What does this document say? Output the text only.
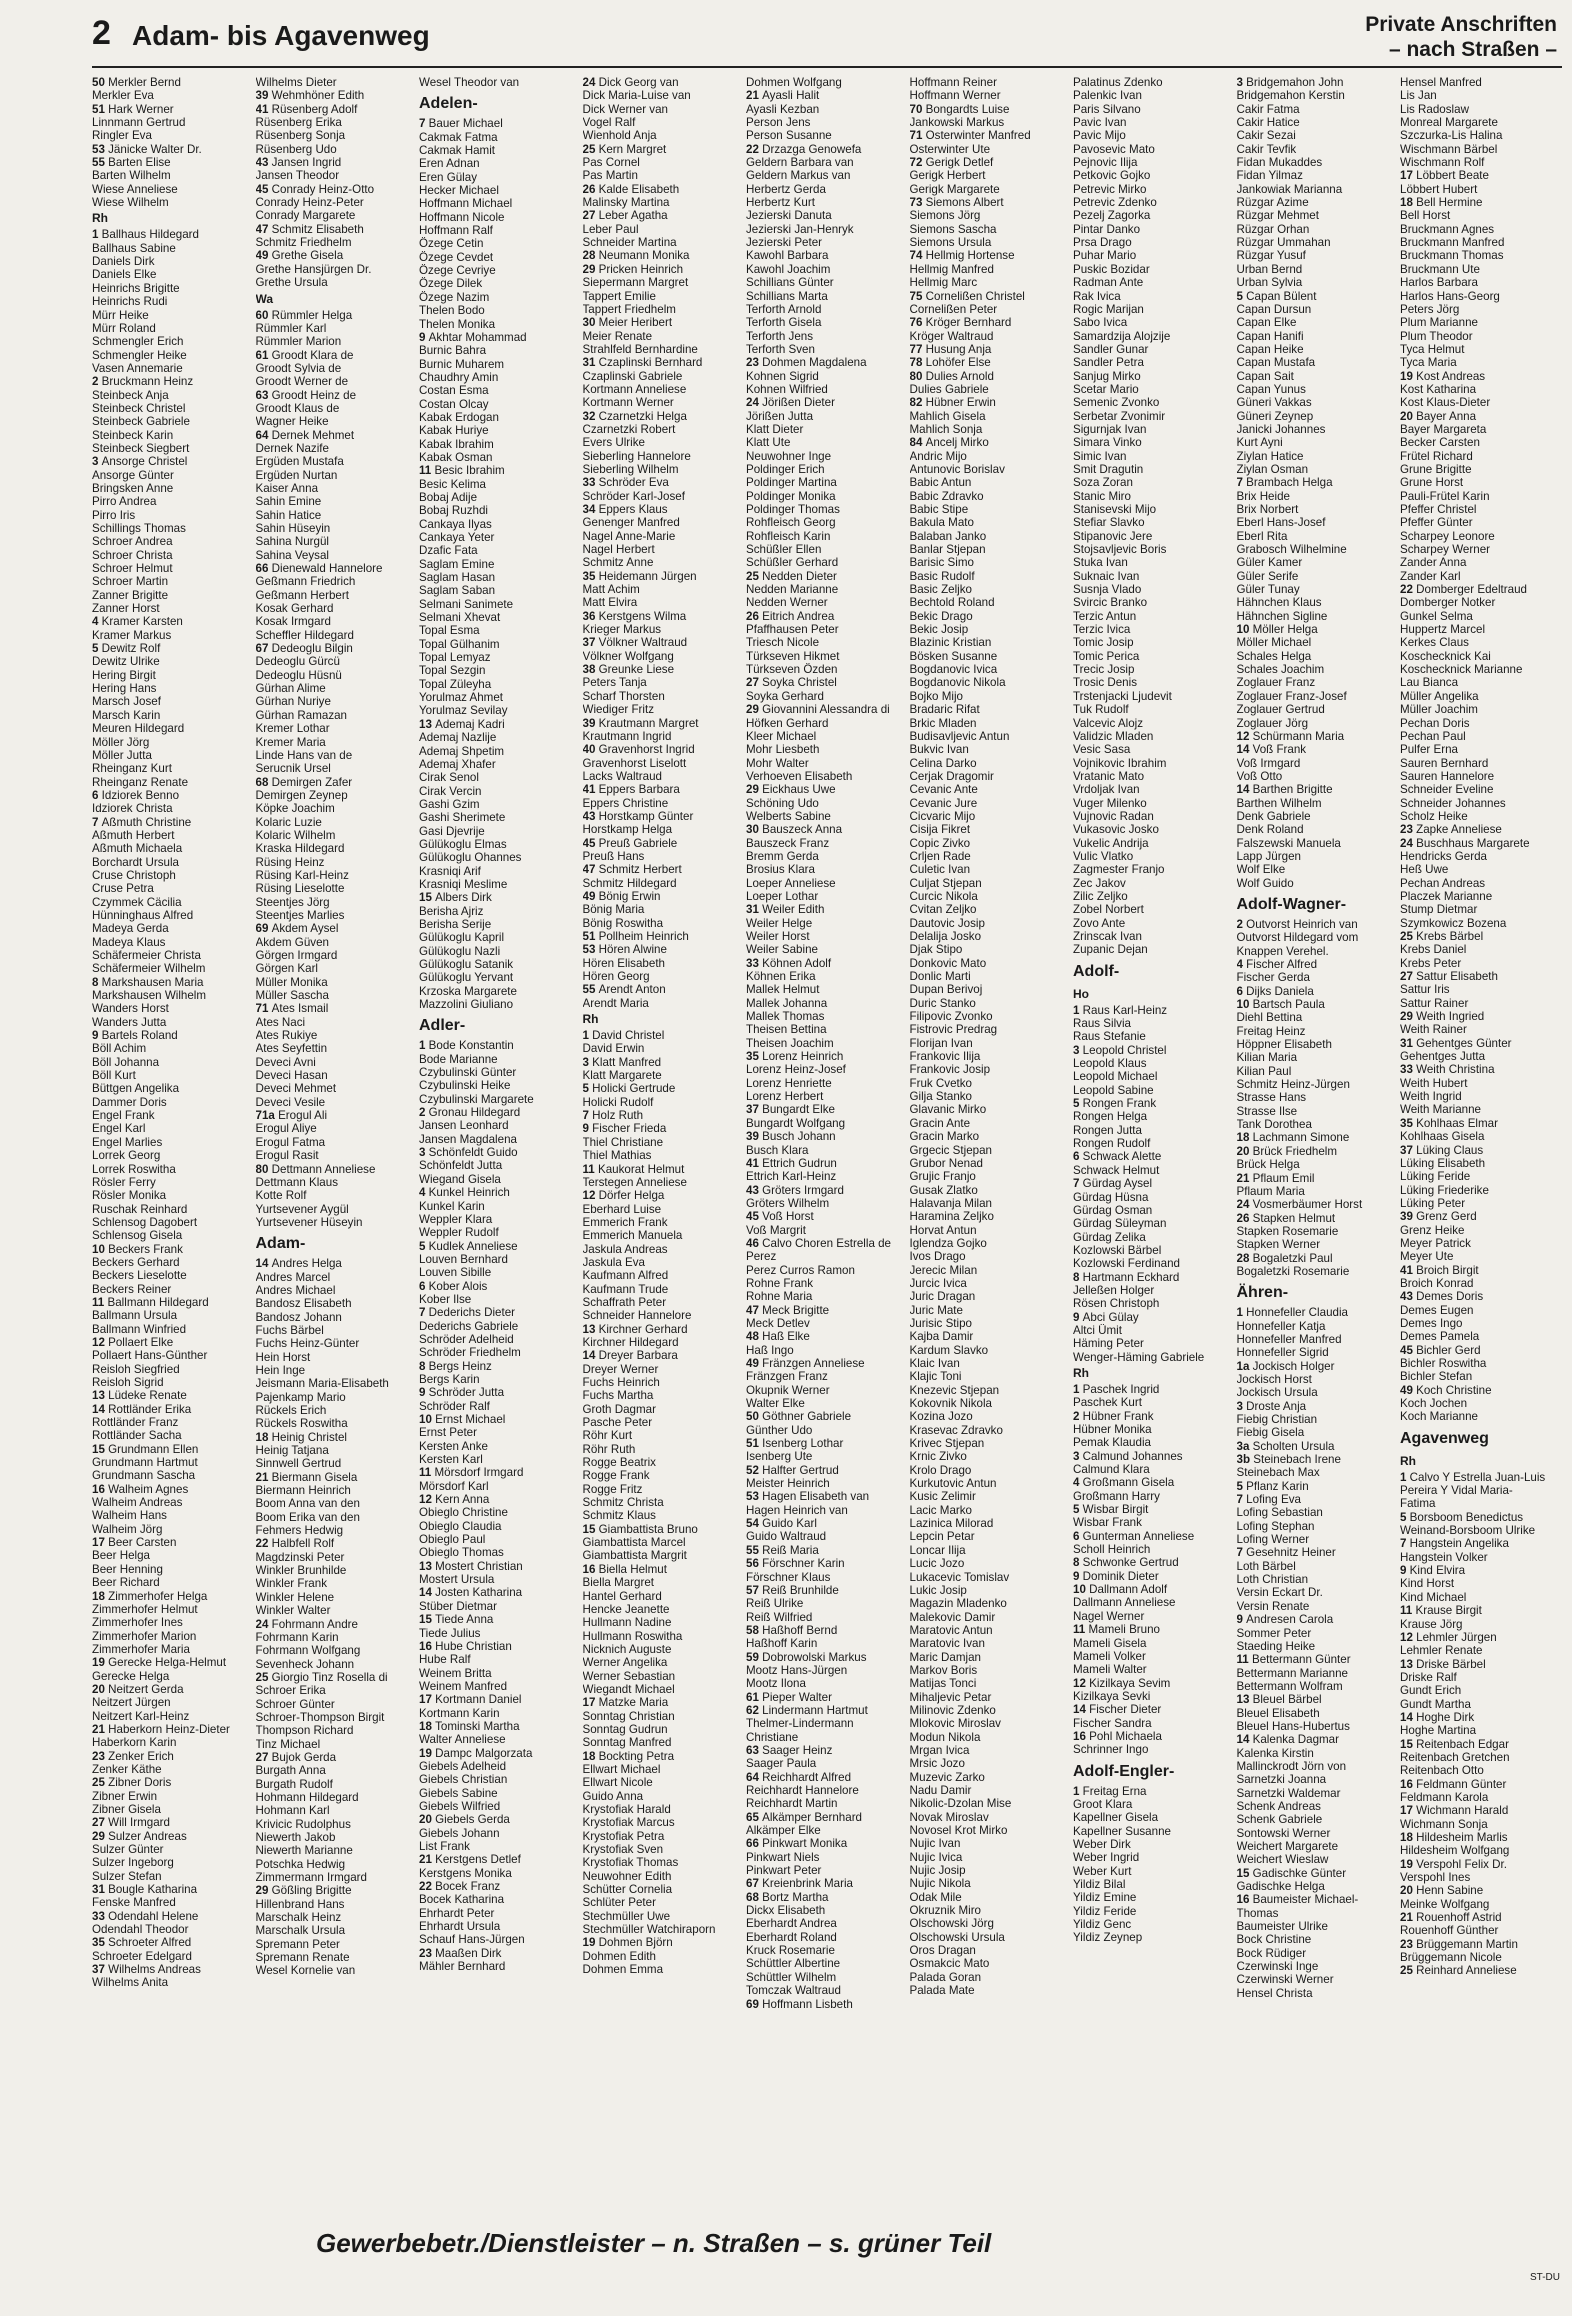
2 Adam- bis Agavenweg	Private Anschriften
– nach Straßen –
50 Merkler Bernd
Merkler Eva
51 Hark Werner
Linnmann Gertrud
Ringler Eva
53 Jänicke Walter Dr.
55 Barten Elise
Barten Wilhelm
Wiese Anneliese
Wiese Wilhelm
Rh
1 Ballhaus Hildegard
Ballhaus Sabine
Daniels Dirk
Daniels Elke
Heinrichs Brigitte
Heinrichs Rudi
Mürr Heike
Mürr Roland
Schmengler Erich
Schmengler Heike
Vasen Annemarie
2 Bruckmann Heinz
Steinbeck Anja
Steinbeck Christel
Steinbeck Gabriele
Steinbeck Karin
Steinbeck Siegbert
3 Ansorge Christel
Ansorge Günter
Bringsken Anne
Pirro Andrea
Pirro Iris
Schillings Thomas
Schroer Andrea
Schroer Christa
Schroer Helmut
Schroer Martin
Zanner Brigitte
Zanner Horst
4 Kramer Karsten
Kramer Markus
5 Dewitz Rolf
Dewitz Ulrike
Hering Birgit
Hering Hans
Marsch Josef
Marsch Karin
Meuren Hildegard
Möller Jörg
Möller Jutta
Rheinganz Kurt
Rheinganz Renate
6 Idziorek Benno
Idziorek Christa
7 Aßmuth Christine
Aßmuth Herbert
Aßmuth Michaela
Borchardt Ursula
Cruse Christoph
Cruse Petra
Czymmek Cäcilia
Hünninghaus Alfred
Madeya Gerda
Madeya Klaus
Schäfermeier Christa
Schäfermeier Wilhelm
8 Markshausen Maria
Markshausen Wilhelm
Wanders Horst
Wanders Jutta
9 Bartels Roland
Böll Achim
Böll Johanna
Böll Kurt
Büttgen Angelika
Dammer Doris
Engel Frank
Engel Karl
Engel Marlies
Lorrek Georg
Lorrek Roswitha
Rösler Ferry
Rösler Monika
Ruschak Reinhard
Schlensog Dagobert
Schlensog Gisela
10 Beckers Frank
Beckers Gerhard
Beckers Lieselotte
Beckers Reiner
11 Ballmann Hildegard
Ballmann Ursula
Ballmann Winfried
12 Pollaert Elke
Pollaert Hans-Günther
Reisloh Siegfried
Reisloh Sigrid
13 Lüdeke Renate
14 Rottländer Erika
Rottländer Franz
Rottländer Sacha
15 Grundmann Ellen
Grundmann Hartmut
Grundmann Sascha
16 Walheim Agnes
Walheim Andreas
Walheim Hans
Walheim Jörg
17 Beer Carsten
Beer Helga
Beer Henning
Beer Richard
18 Zimmerhofer Helga
Zimmerhofer Helmut
Zimmerhofer Ines
Zimmerhofer Marion
Zimmerhofer Maria
19 Gerecke Helga-Helmut
Gerecke Helga
20 Neitzert Gerda
Neitzert Jürgen
Neitzert Karl-Heinz
21 Haberkorn Heinz-Dieter
Haberkorn Karin
23 Zenker Erich
Zenker Käthe
25 Zibner Doris
Zibner Erwin
Zibner Gisela
27 Will Irmgard
29 Sulzer Andreas
Sulzer Günter
Sulzer Ingeborg
Sulzer Stefan
31 Bougle Katharina
Fenske Manfred
33 Odendahl Helene
Odendahl Theodor
35 Schroeter Alfred
Schroeter Edelgard
37 Wilhelms Andreas
Wilhelms Anita
Wilhelms Dieter
39 Wehmhöner Edith
41 Rüsenberg Adolf
Rüsenberg Erika
Rüsenberg Sonja
Rüsenberg Udo
43 Jansen Ingrid
Jansen Theodor
45 Conrady Heinz-Otto
Conrady Heinz-Peter
Conrady Margarete
47 Schmitz Elisabeth
Schmitz Friedhelm
49 Grethe Gisela
Grethe Hansjürgen Dr.
Grethe Ursula
Wa
60 Rümmler Helga
Rümmler Karl
Rümmler Marion
61 Groodt Klara de
Groodt Sylvia de
Groodt Werner de
63 Groodt Heinz de
Groodt Klaus de
Wagner Heike
64 Dernek Mehmet
Dernek Nazife
Ergüden Mustafa
Ergüden Nurtan
Kaiser Anna
Sahin Emine
Sahin Hatice
Sahin Hüseyin
Sahina Nurgül
Sahina Veysal
66 Dienewald Hannelore
Geßmann Friedrich
Geßmann Herbert
Kosak Gerhard
Kosak Irmgard
Scheffler Hildegard
67 Dedeoglu Bilgin
Dedeoglu Gürcü
Dedeoglu Hüsnü
Gürhan Alime
Gürhan Nuriye
Gürhan Ramazan
Kremer Lothar
Kremer Maria
Linde Hans van de
Serucnik Ursel
68 Demirgen Zafer
Demirgen Zeynep
Köpke Joachim
Kolaric Luzie
Kolaric Wilhelm
Kraska Hildegard
Rüsing Heinz
Rüsing Karl-Heinz
Rüsing Lieselotte
Steentjes Jörg
Steentjes Marlies
69 Akdem Aysel
Akdem Güven
Görgen Irmgard
Görgen Karl
Müller Monika
Müller Sascha
71 Ates Ismail
Ates Naci
Ates Rukiye
Ates Seyfettin
Deveci Avni
Deveci Hasan
Deveci Mehmet
Deveci Vesile
71a Erogul Ali
Erogul Aliye
Erogul Fatma
Erogul Rasit
80 Dettmann Anneliese
Dettmann Klaus
Kotte Rolf
Yurtsevener Aygül
Yurtsevener Hüseyin
Adam-
14 Andres Helga
Andres Marcel
Andres Michael
Bandosz Elisabeth
Bandosz Johann
Fuchs Bärbel
Fuchs Heinz-Günter
Hein Horst
Hein Inge
Jeismann Maria-Elisabeth
Pajenkamp Mario
Rückels Erich
Rückels Roswitha
18 Heinig Christel
Heinig Tatjana
Sinnwell Gertrud
21 Biermann Gisela
Biermann Heinrich
Boom Anna van den
Boom Erika van den
Fehmers Hedwig
22 Halbfell Rolf
Magdzinski Peter
Winkler Brunhilde
Winkler Frank
Winkler Helene
Winkler Walter
24 Fohrmann Andre
Fohrmann Karin
Fohrmann Wolfgang
Sevenheck Johann
25 Giorgio Tinz Rosella di
Schroer Erika
Schroer Günter
Schroer-Thompson Birgit
Thompson Richard
Tinz Michael
27 Bujok Gerda
Burgath Anna
Burgath Rudolf
Hohmann Hildegard
Hohmann Karl
Krivicic Rudolphus
Niewerth Jakob
Niewerth Marianne
Potschka Hedwig
Zimmermann Irmgard
29 Gößling Brigitte
Hillenbrand Hans
Marschalk Heinz
Marschalk Ursula
Spremann Peter
Spremann Renate
Wesel Kornelie van
Wesel Theodor van
Adelen-
7 Bauer Michael
Cakmak Fatma
Cakmak Hamit
Eren Adnan
Eren Gülay
Hecker Michael
Hoffmann Michael
Hoffmann Nicole
Hoffmann Ralf
Özege Cetin
Özege Cevdet
Özege Cevriye
Özege Dilek
Özege Nazim
Thelen Bodo
Thelen Monika
9 Akhtar Mohammad
Burnic Bahra
Burnic Muharem
Chaudhry Amin
Costan Esma
Costan Olcay
Kabak Erdogan
Kabak Huriye
Kabak Ibrahim
Kabak Osman
11 Besic Ibrahim
Besic Kelima
Bobaj Adije
Bobaj Ruzhdi
Cankaya Ilyas
Cankaya Yeter
Dzafic Fata
Saglam Emine
Saglam Hasan
Saglam Saban
Selmani Sanimete
Selmani Xhevat
Topal Esma
Topal Gülhanim
Topal Lemyaz
Topal Sezgin
Topal Züleyha
Yorulmaz Ahmet
Yorulmaz Sevilay
13 Ademaj Kadri
Ademaj Nazlije
Ademaj Shpetim
Ademaj Xhafer
Cirak Senol
Cirak Vercin
Gashi Gzim
Gashi Sherimete
Gasi Djevrije
Gülükoglu Elmas
Gülükoglu Ohannes
Krasniqi Arif
Krasniqi Meslime
15 Albers Dirk
Berisha Ajriz
Berisha Serije
Gülükoglu Kapril
Gülükoglu Nazli
Gülükoglu Satanik
Gülükoglu Yervant
Krzoska Margarete
Mazzolini Giuliano
Adler-
1 Bode Konstantin
Bode Marianne
Czybulinski Günter
Czybulinski Heike
Czybulinski Margarete
2 Gronau Hildegard
Jansen Leonhard
Jansen Magdalena
3 Schönfeldt Guido
Schönfeldt Jutta
Wiegand Gisela
4 Kunkel Heinrich
Kunkel Karin
Weppler Klara
Weppler Rudolf
5 Kudlek Anneliese
Louven Bernhard
Louven Sibille
6 Kober Alois
Kober Ilse
7 Dederichs Dieter
Dederichs Gabriele
Schröder Adelheid
Schröder Friedhelm
8 Bergs Heinz
Bergs Karin
9 Schröder Jutta
Schröder Ralf
10 Ernst Michael
Ernst Peter
Kersten Anke
Kersten Karl
11 Mörsdorf Irmgard
Mörsdorf Karl
12 Kern Anna
Obieglo Christine
Obieglo Claudia
Obieglo Paul
Obieglo Thomas
13 Mostert Christian
Mostert Ursula
14 Josten Katharina
Stüber Dietmar
15 Tiede Anna
Tiede Julius
16 Hube Christian
Hube Ralf
Weinem Britta
Weinem Manfred
17 Kortmann Daniel
Kortmann Karin
18 Tominski Martha
Walter Anneliese
19 Dampc Malgorzata
Giebels Adelheid
Giebels Christian
Giebels Sabine
Giebels Wilfried
20 Giebels Gerda
Giebels Johann
List Frank
21 Kerstgens Detlef
Kerstgens Monika
22 Bocek Franz
Bocek Katharina
Ehrhardt Peter
Ehrhardt Ursula
Schauf Hans-Jürgen
23 Maaßen Dirk
Mähler Bernhard
24 Dick Georg van
Dick Maria-Luise van
Dick Werner van
Vogel Ralf
Wienhold Anja
25 Kern Margret
Pas Cornel
Pas Martin
26 Kalde Elisabeth
Malinsky Martina
27 Leber Agatha
Leber Paul
Schneider Martina
28 Neumann Monika
29 Pricken Heinrich
Siepermann Margret
Tappert Emilie
Tappert Friedhelm
30 Meier Heribert
Meier Renate
Strahlfeld Bernhardine
31 Czaplinski Bernhard
Czaplinski Gabriele
Kortmann Anneliese
Kortmann Werner
32 Czarnetzki Helga
Czarnetzki Robert
Evers Ulrike
Sieberling Hannelore
Sieberling Wilhelm
33 Schröder Eva
Schröder Karl-Josef
34 Eppers Klaus
Genenger Manfred
Nagel Anne-Marie
Nagel Herbert
Schmitz Anne
35 Heidemann Jürgen
Matt Achim
Matt Elvira
36 Kerstgens Wilma
Krieger Markus
37 Völkner Waltraud
Völkner Wolfgang
38 Greunke Liese
Peters Tanja
Scharf Thorsten
Wiediger Fritz
39 Krautmann Margret
Krautmann Ingrid
40 Gravenhorst Ingrid
Gravenhorst Liselott
Lacks Waltraud
41 Eppers Barbara
Eppers Christine
43 Horstkamp Günter
Horstkamp Helga
45 Preuß Gabriele
Preuß Hans
47 Schmitz Herbert
Schmitz Hildegard
49 Bönig Erwin
Bönig Maria
Bönig Roswitha
51 Pollheim Heinrich
53 Hören Alwine
Hören Elisabeth
Hören Georg
55 Arendt Anton
Arendt Maria
Rh
1 David Christel
David Erwin
3 Klatt Manfred
Klatt Margarete
5 Holicki Gertrude
Holicki Rudolf
7 Holz Ruth
9 Fischer Frieda
Thiel Christiane
Thiel Mathias
11 Kaukorat Helmut
Terstegen Anneliese
12 Dörfer Helga
Eberhard Luise
Emmerich Frank
Emmerich Manuela
Jaskula Andreas
Jaskula Eva
Kaufmann Alfred
Kaufmann Trude
Schaffrath Peter
Schneider Hannelore
13 Kirchner Gerhard
Kirchner Hildegard
14 Dreyer Barbara
Dreyer Werner
Fuchs Heinrich
Fuchs Martha
Groth Dagmar
Pasche Peter
Röhr Kurt
Röhr Ruth
Rogge Beatrix
Rogge Frank
Rogge Fritz
Schmitz Christa
Schmitz Klaus
15 Giambattista Bruno
Giambattista Marcel
Giambattista Margrit
16 Biella Helmut
Biella Margret
Hantel Gerhard
Hencke Jeanette
Hullmann Nadine
Hullmann Roswitha
Nicknich Auguste
Werner Angelika
Werner Sebastian
Wiegandt Michael
17 Matzke Maria
Sonntag Christian
Sonntag Gudrun
Sonntag Manfred
18 Bockting Petra
Ellwart Michael
Ellwart Nicole
Guido Anna
Krystofiak Harald
Krystofiak Marcus
Krystofiak Petra
Krystofiak Sven
Krystofiak Thomas
Neuwohner Edith
Schütter Cornelia
Schlüter Peter
Stechmüller Uwe
Stechmüller Watchiraporn
19 Dohmen Björn
Dohmen Edith
Dohmen Emma
Dohmen Wolfgang
21 Ayasli Halit
Ayasli Kezban
Person Jens
Person Susanne
22 Drzazga Genowefa
Geldern Barbara van
Geldern Markus van
Herbertz Gerda
Herbertz Kurt
Jezierski Danuta
Jezierski Jan-Henryk
Jezierski Peter
Kawohl Barbara
Kawohl Joachim
Schillians Günter
Schillians Marta
Terforth Arnold
Terforth Gisela
Terforth Jens
Terforth Sven
23 Dohmen Magdalena
Kohnen Sigrid
Kohnen Wilfried
24 Jörißen Dieter
Jörißen Jutta
Klatt Dieter
Klatt Ute
Neuwohner Inge
Poldinger Erich
Poldinger Martina
Poldinger Monika
Poldinger Thomas
Rohfleisch Georg
Rohfleisch Karin
Schüßler Ellen
Schüßler Gerhard
25 Nedden Dieter
Nedden Marianne
Nedden Werner
26 Eitrich Andrea
Pfaffhausen Peter
Triesch Nicole
Türkseven Hikmet
Türkseven Özden
27 Soyka Christel
Soyka Gerhard
29 Giovannini Alessandra di
Höfken Gerhard
Kleer Michael
Mohr Liesbeth
Mohr Walter
Verhoeven Elisabeth
29 Eickhaus Uwe
Schöning Udo
Welberts Sabine
30 Bauszeck Anna
Bauszeck Franz
Bremm Gerda
Brosius Klara
Loeper Anneliese
Loeper Lothar
31 Weiler Edith
Weiler Helge
Weiler Horst
Weiler Sabine
33 Köhnen Adolf
Köhnen Erika
Mallek Helmut
Mallek Johanna
Mallek Thomas
Theisen Bettina
Theisen Joachim
35 Lorenz Heinrich
Lorenz Heinz-Josef
Lorenz Henriette
Lorenz Herbert
37 Bungardt Elke
Bungardt Wolfgang
39 Busch Johann
Busch Klara
41 Ettrich Gudrun
Ettrich Karl-Heinz
43 Gröters Irmgard
Gröters Wilhelm
45 Voß Horst
Voß Margrit
46 Calvo Choren Estrella de
Perez
Perez Curros Ramon
Rohne Frank
Rohne Maria
47 Meck Brigitte
Meck Detlev
48 Haß Elke
Haß Ingo
49 Fränzgen Anneliese
Fränzgen Franz
Okupnik Werner
Walter Elke
50 Göthner Gabriele
Günther Udo
51 Isenberg Lothar
Isenberg Ute
52 Halfter Gertrud
Meister Heinrich
53 Hagen Elisabeth van
Hagen Heinrich van
54 Guido Karl
Guido Waltraud
55 Reiß Maria
56 Förschner Karin
Förschner Klaus
57 Reiß Brunhilde
Reiß Ulrike
Reiß Wilfried
58 Haßhoff Bernd
Haßhoff Karin
59 Dobrowolski Markus
Mootz Hans-Jürgen
Mootz Ilona
61 Pieper Walter
62 Lindermann Hartmut
Thelmer-Lindermann
Christiane
63 Saager Heinz
Saager Paula
64 Reichhardt Alfred
Reichhardt Hannelore
Reichhardt Martin
65 Alkämper Bernhard
Alkämper Elke
66 Pinkwart Monika
Pinkwart Niels
Pinkwart Peter
67 Kreienbrink Maria
68 Bortz Martha
Dickx Elisabeth
Eberhardt Andrea
Eberhardt Roland
Kruck Rosemarie
Schüttler Albertine
Schüttler Wilhelm
Tomczak Waltraud
69 Hoffmann Lisbeth
Hoffmann Reiner
Hoffmann Werner
70 Bongardts Luise
Jankowski Markus
71 Osterwinter Manfred
Osterwinter Ute
72 Gerigk Detlef
Gerigk Herbert
Gerigk Margarete
73 Siemons Albert
Siemons Jörg
Siemons Sascha
Siemons Ursula
74 Hellmig Hortense
Hellmig Manfred
Hellmig Marc
75 Cornelißen Christel
Cornelißen Peter
76 Kröger Bernhard
Kröger Waltraud
77 Husung Anja
78 Lohöfer Else
80 Dulies Arnold
Dulies Gabriele
82 Hübner Erwin
Mahlich Gisela
Mahlich Sonja
84 Ancelj Mirko
Andric Mijo
Antunovic Borislav
Babic Antun
Babic Zdravko
Babic Stipe
Bakula Mato
Balaban Janko
Banlar Stjepan
Barisic Simo
Basic Rudolf
Basic Zeljko
Bechtold Roland
Bekic Drago
Bekic Josip
Blazinic Kristian
Bösken Susanne
Bogdanovic Ivica
Bogdanovic Nikola
Bojko Mijo
Bradaric Rifat
Brkic Mladen
Budisavljevic Antun
Bukvic Ivan
Celina Darko
Cerjak Dragomir
Cevanic Ante
Cevanic Jure
Cicvaric Mijo
Cisija Fikret
Copic Zivko
Crljen Rade
Culetic Ivan
Culjat Stjepan
Curcic Nikola
Cvitan Zeljko
Dautovic Josip
Delalija Josko
Djak Stipo
Donkovic Mato
Donlic Marti
Dupan Berivoj
Duric Stanko
Filipovic Zvonko
Fistrovic Predrag
Florijan Ivan
Frankovic Ilija
Frankovic Josip
Fruk Cvetko
Gilja Stanko
Glavanic Mirko
Gracin Ante
Gracin Marko
Grgecic Stjepan
Grubor Nenad
Grujic Franjo
Gusak Zlatko
Halavanja Milan
Haramina Zeljko
Horvat Antun
Iglendza Gojko
Ivos Drago
Jerecic Milan
Jurcic Ivica
Juric Dragan
Juric Mate
Jurisic Stipo
Kajba Damir
Kardum Slavko
Klaic Ivan
Klajic Toni
Knezevic Stjepan
Kokovnik Nikola
Kozina Jozo
Krasevac Zdravko
Krivec Stjepan
Krnic Zivko
Krolo Drago
Kurkutovic Antun
Kusic Zelimir
Lacic Marko
Lazinica Milorad
Lepcin Petar
Loncar Ilija
Lucic Jozo
Lukacevic Tomislav
Lukic Josip
Magazin Mladenko
Malekovic Damir
Maratovic Antun
Maratovic Ivan
Maric Damjan
Markov Boris
Matijas Tonci
Mihaljevic Petar
Milinovic Zdenko
Mlokovic Miroslav
Modun Nikola
Mrgan Ivica
Mrsic Jozo
Muzevic Zarko
Nadu Damir
Nikolic-Dzolan Mise
Novak Miroslav
Novosel Krot Mirko
Nujic Ivan
Nujic Ivica
Nujic Josip
Nujic Nikola
Odak Mile
Okruznik Miro
Olschowski Jörg
Olschowski Ursula
Oros Dragan
Osmakcic Mato
Palada Goran
Palada Mate
Palatinus Zdenko
Palenkic Ivan
Paris Silvano
Pavic Ivan
Pavic Mijo
Pavosevic Mato
Pejnovic Ilija
Petkovic Gojko
Petrevic Mirko
Petrevic Zdenko
Pezelj Zagorka
Pintar Danko
Prsa Drago
Puhar Mario
Puskic Bozidar
Radman Ante
Rak Ivica
Rogic Marijan
Sabo Ivica
Samardzija Alojzije
Sandler Gunar
Sandler Petra
Sanjug Mirko
Scetar Mario
Semenic Zvonko
Serbetar Zvonimir
Sigurnjak Ivan
Simara Vinko
Simic Ivan
Smit Dragutin
Soza Zoran
Stanic Miro
Stanisevski Mijo
Stefiar Slavko
Stipanovic Jere
Stojsavljevic Boris
Stuka Ivan
Suknaic Ivan
Susnja Vlado
Svircic Branko
Terzic Antun
Terzic Ivica
Tomic Josip
Tomic Perica
Trecic Josip
Trosic Denis
Trstenjacki Ljudevit
Tuk Rudolf
Valcevic Alojz
Validzic Mladen
Vesic Sasa
Vojnikovic Ibrahim
Vratanic Mato
Vrdoljak Ivan
Vuger Milenko
Vujnovic Radan
Vukasovic Josko
Vukelic Andrija
Vulic Vlatko
Zagmester Franjo
Zec Jakov
Zilic Zeljko
Zobel Norbert
Zovo Ante
Zrinscak Ivan
Zupanic Dejan
Adolf-
Ho
1 Raus Karl-Heinz
Raus Silvia
Raus Stefanie
3 Leopold Christel
Leopold Klaus
Leopold Michael
Leopold Sabine
5 Rongen Frank
Rongen Helga
Rongen Jutta
Rongen Rudolf
6 Schwack Alette
Schwack Helmut
7 Gürdag Aysel
Gürdag Hüsna
Gürdag Osman
Gürdag Süleyman
Gürdag Zelika
Kozlowski Bärbel
Kozlowski Ferdinand
8 Hartmann Eckhard
Jelleßen Holger
Rösen Christoph
9 Abci Gülay
Altci Ümit
Häming Peter
Wenger-Häming Gabriele
Rh
1 Paschek Ingrid
Paschek Kurt
2 Hübner Frank
Hübner Monika
Pemak Klaudia
3 Calmund Johannes
Calmund Klara
4 Großmann Gisela
Großmann Harry
5 Wisbar Birgit
Wisbar Frank
6 Gunterman Anneliese
Scholl Heinrich
8 Schwonke Gertrud
9 Dominik Dieter
10 Dallmann Adolf
Dallmann Anneliese
Nagel Werner
11 Mameli Bruno
Mameli Gisela
Mameli Volker
Mameli Walter
12 Kizilkaya Sevim
Kizilkaya Sevki
14 Fischer Dieter
Fischer Sandra
16 Pohl Michaela
Schrinner Ingo
Adolf-Engler-
1 Freitag Erna
Groot Klara
Kapellner Gisela
Kapellner Susanne
Weber Dirk
Weber Ingrid
Weber Kurt
Yildiz Bilal
Yildiz Emine
Yildiz Feride
Yildiz Genc
Yildiz Zeynep
3 Bridgemahon John
Bridgemahon Kerstin
Cakir Fatma
Cakir Hatice
Cakir Sezai
Cakir Tevfik
Fidan Mukaddes
Fidan Yilmaz
Jankowiak Marianna
Rüzgar Azime
Rüzgar Mehmet
Rüzgar Orhan
Rüzgar Ummahan
Rüzgar Yusuf
Urban Bernd
Urban Sylvia
5 Capan Bülent
Capan Dursun
Capan Elke
Capan Hanifi
Capan Heike
Capan Mustafa
Capan Sait
Capan Yunus
Güneri Vakkas
Güneri Zeynep
Janicki Johannes
Kurt Ayni
Ziylan Hatice
Ziylan Osman
7 Brambach Helga
Brix Heide
Brix Norbert
Eberl Hans-Josef
Eberl Rita
Grabosch Wilhelmine
Güler Kamer
Güler Serife
Güler Tunay
Hähnchen Klaus
Hähnchen Sigline
10 Möller Helga
Möller Michael
Schales Helga
Schales Joachim
Zoglauer Franz
Zoglauer Franz-Josef
Zoglauer Gertrud
Zoglauer Jörg
12 Schürmann Maria
14 Voß Frank
Voß Irmgard
Voß Otto
14 Barthen Brigitte
Barthen Wilhelm
Denk Gabriele
Denk Roland
Falszewski Manuela
Lapp Jürgen
Wolf Elke
Wolf Guido
Adolf-Wagner-
2 Outvorst Heinrich van
Outvorst Hildegard vom
Knappen Verehel.
4 Fischer Alfred
Fischer Gerda
6 Dijks Daniela
10 Bartsch Paula
Diehl Bettina
Freitag Heinz
Höppner Elisabeth
Kilian Maria
Kilian Paul
Schmitz Heinz-Jürgen
Strasse Hans
Strasse Ilse
Tank Dorothea
18 Lachmann Simone
20 Brück Friedhelm
Brück Helga
21 Pflaum Emil
Pflaum Maria
24 Vosmerbäumer Horst
26 Stapken Helmut
Stapken Rosemarie
Stapken Werner
28 Bogaletzki Paul
Bogaletzki Rosemarie
Ähren-
1 Honnefeller Claudia
Honnefeller Katja
Honnefeller Manfred
Honnefeller Sigrid
1a Jockisch Holger
Jockisch Horst
Jockisch Ursula
3 Droste Anja
Fiebig Christian
Fiebig Gisela
3a Scholten Ursula
3b Steinebach Irene
Steinebach Max
5 Pflanz Karin
7 Lofing Eva
Lofing Sebastian
Lofing Stephan
Lofing Werner
7 Gesehnitz Heiner
Loth Bärbel
Loth Christian
Versin Eckart Dr.
Versin Renate
9 Andresen Carola
Sommer Peter
Staeding Heike
11 Bettermann Günter
Bettermann Marianne
Bettermann Wolfram
13 Bleuel Bärbel
Bleuel Elisabeth
Bleuel Hans-Hubertus
14 Kalenka Dagmar
Kalenka Kirstin
Mallinckrodt Jörn von
Sarnetzki Joanna
Sarnetzki Waldemar
Schenk Andreas
Schenk Gabriele
Sontowski Werner
Weichert Margarete
Weichert Wieslaw
15 Gadischke Günter
Gadischke Helga
16 Baumeister Michael-
Thomas
Baumeister Ulrike
Bock Christine
Bock Rüdiger
Czerwinski Inge
Czerwinski Werner
Hensel Christa
Hensel Manfred
Lis Jan
Lis Radoslaw
Monreal Margarete
Szczurka-Lis Halina
Wischmann Bärbel
Wischmann Rolf
17 Löbbert Beate
Löbbert Hubert
18 Bell Hermine
Bell Horst
Bruckmann Agnes
Bruckmann Manfred
Bruckmann Thomas
Bruckmann Ute
Harlos Barbara
Harlos Hans-Georg
Peters Jörg
Plum Marianne
Plum Theodor
Tyca Helmut
Tyca Maria
19 Kost Andreas
Kost Katharina
Kost Klaus-Dieter
20 Bayer Anna
Bayer Margareta
Becker Carsten
Frütel Richard
Grune Brigitte
Grune Horst
Pauli-Frütel Karin
Pfeffer Christel
Pfeffer Günter
Scharpey Leonore
Scharpey Werner
Zander Anna
Zander Karl
22 Domberger Edeltraud
Domberger Notker
Gunkel Selma
Huppertz Marcel
Kerkes Claus
Koschecknick Kai
Koschecknick Marianne
Lau Bianca
Müller Angelika
Müller Joachim
Pechan Doris
Pechan Paul
Pulfer Erna
Sauren Bernhard
Sauren Hannelore
Schneider Eveline
Schneider Johannes
Scholz Heike
23 Zapke Anneliese
24 Buschhaus Margarete
Hendricks Gerda
Heß Uwe
Pechan Andreas
Placzek Marianne
Stump Dietmar
Szymkowicz Bozena
25 Krebs Bärbel
Krebs Daniel
Krebs Peter
27 Sattur Elisabeth
Sattur Iris
Sattur Rainer
29 Weith Ingried
Weith Rainer
31 Gehentges Günter
Gehentges Jutta
33 Weith Christina
Weith Hubert
Weith Ingrid
Weith Marianne
35 Kohlhaas Elmar
Kohlhaas Gisela
37 Lüking Claus
Lüking Elisabeth
Lüking Feride
Lüking Friederike
Lüking Peter
39 Grenz Gerd
Grenz Heike
Meyer Patrick
Meyer Ute
41 Broich Birgit
Broich Konrad
43 Demes Doris
Demes Eugen
Demes Ingo
Demes Pamela
45 Bichler Gerd
Bichler Roswitha
Bichler Stefan
49 Koch Christine
Koch Jochen
Koch Marianne
Agavenweg
Rh
1 Calvo Y Estrella Juan-Luis
Pereira Y Vidal Maria-
Fatima
5 Borsboom Benedictus
Weinand-Borsboom Ulrike
7 Hangstein Angelika
Hangstein Volker
9 Kind Elvira
Kind Horst
Kind Michael
11 Krause Birgit
Krause Jörg
12 Lehmler Jürgen
Lehmler Renate
13 Driske Bärbel
Driske Ralf
Gundt Erich
Gundt Martha
14 Hoghe Dirk
Hoghe Martina
15 Reitenbach Edgar
Reitenbach Gretchen
Reitenbach Otto
16 Feldmann Günter
Feldmann Karola
17 Wichmann Harald
Wichmann Sonja
18 Hildesheim Marlis
Hildesheim Wolfgang
19 Verspohl Felix Dr.
Verspohl Ines
20 Henn Sabine
Meinke Wolfgang
21 Rouenhoff Astrid
Rouenhoff Günther
23 Brüggemann Martin
Brüggemann Nicole
25 Reinhard Anneliese
Gewerbebetr./Dienstleister – n. Straßen – s. grüner Teil
ST-DU
